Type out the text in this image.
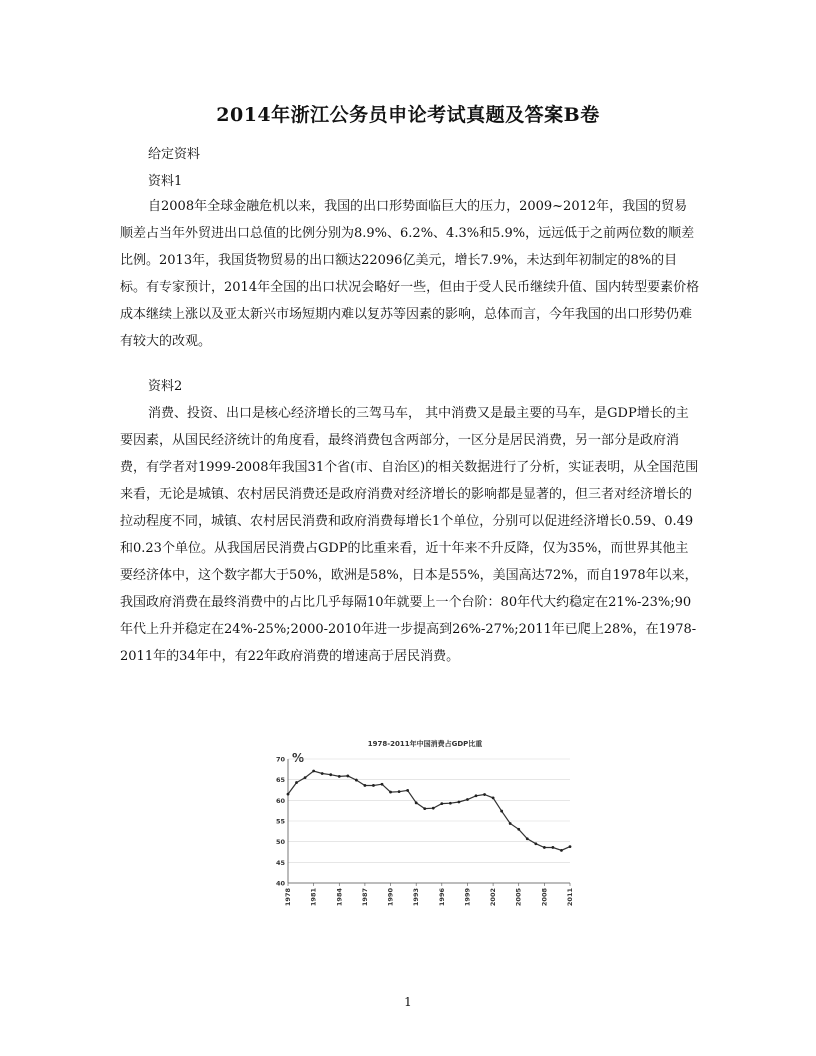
2014年浙江公务员申论考试真题及答案B卷
给定资料
资料1
自2008年全球金融危机以来，我国的出口形势面临巨大的压力，2009~2012年，我国的贸易顺差占当年外贸进出口总值的比例分别为8.9%、6.2%、4.3%和5.9%，远远低于之前两位数的顺差比例。2013年，我国货物贸易的出口额达22096亿美元，增长7.9%，未达到年初制定的8%的目标。有专家预计，2014年全国的出口状况会略好一些，但由于受人民币继续升值、国内转型要素价格成本继续上涨以及亚太新兴市场短期内难以复苏等因素的影响，总体而言，今年我国的出口形势仍难有较大的改观。
资料2
消费、投资、出口是核心经济增长的三驾马车， 其中消费又是最主要的马车，是GDP增长的主要因素，从国民经济统计的角度看，最终消费包含两部分，一区分是居民消费，另一部分是政府消费，有学者对1999-2008年我国31个省(市、自治区)的相关数据进行了分析，实证表明，从全国范围来看，无论是城镇、农村居民消费还是政府消费对经济增长的影响都是显著的，但三者对经济增长的拉动程度不同，城镇、农村居民消费和政府消费每增长1个单位，分别可以促进经济增长0.59、0.49和0.23个单位。从我国居民消费占GDP的比重来看，近十年来不升反降，仅为35%，而世界其他主要经济体中，这个数字都大于50%，欧洲是58%，日本是55%，美国高达72%，而自1978年以来，我国政府消费在最终消费中的占比几乎每隔10年就要上一个台阶：80年代大约稳定在21%-23%;90年代上升并稳定在24%-25%;2000-2010年进一步提高到26%-27%;2011年已爬上28%，在1978-2011年的34年中，有22年政府消费的增速高于居民消费。
1978-2011年中国消费占GDP比重
%
40
45
50
55
60
65
70
1978	1981	1984	1987	1990	1993	1996	1999	2002	2005	2008	2011
1
